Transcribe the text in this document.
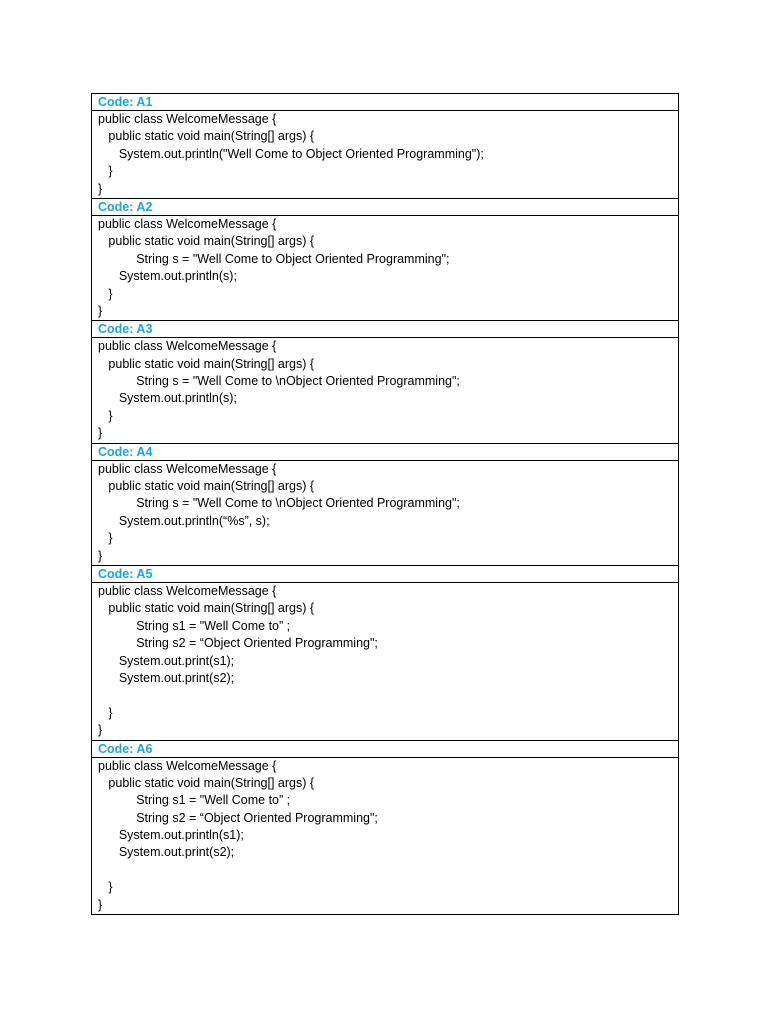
Code: A1

public class WelcomeMessage {
public static void main(String[] args) {
System.out.println("Well Come to Object Oriented Programming");
}
}

Code: A2

public class WelcomeMessage {
public static void main(String[] args) {
String s = "Well Come to Object Oriented Programming";
System.out.println(s);
}
}

Code: A3

public class WelcomeMessage {
public static void main(String[] args) {
String s = "Well Come to \nObject Oriented Programming";
System.out.println(s);
}
}

Code: A4

public class WelcomeMessage {
public static void main(String[] args) {
String s = "Well Come to \nObject Oriented Programming";
System.out.println(“%s”, s);
}
}

Code: A5

public class WelcomeMessage {
public static void main(String[] args) {
String s1 = "Well Come to” ;
String s2 = “Object Oriented Programming";
System.out.print(s1);
System.out.print(s2);
}
}

Code: A6

public class WelcomeMessage {
public static void main(String[] args) {
String s1 = "Well Come to” ;
String s2 = “Object Oriented Programming";
System.out.println(s1);
System.out.print(s2);
}
}
